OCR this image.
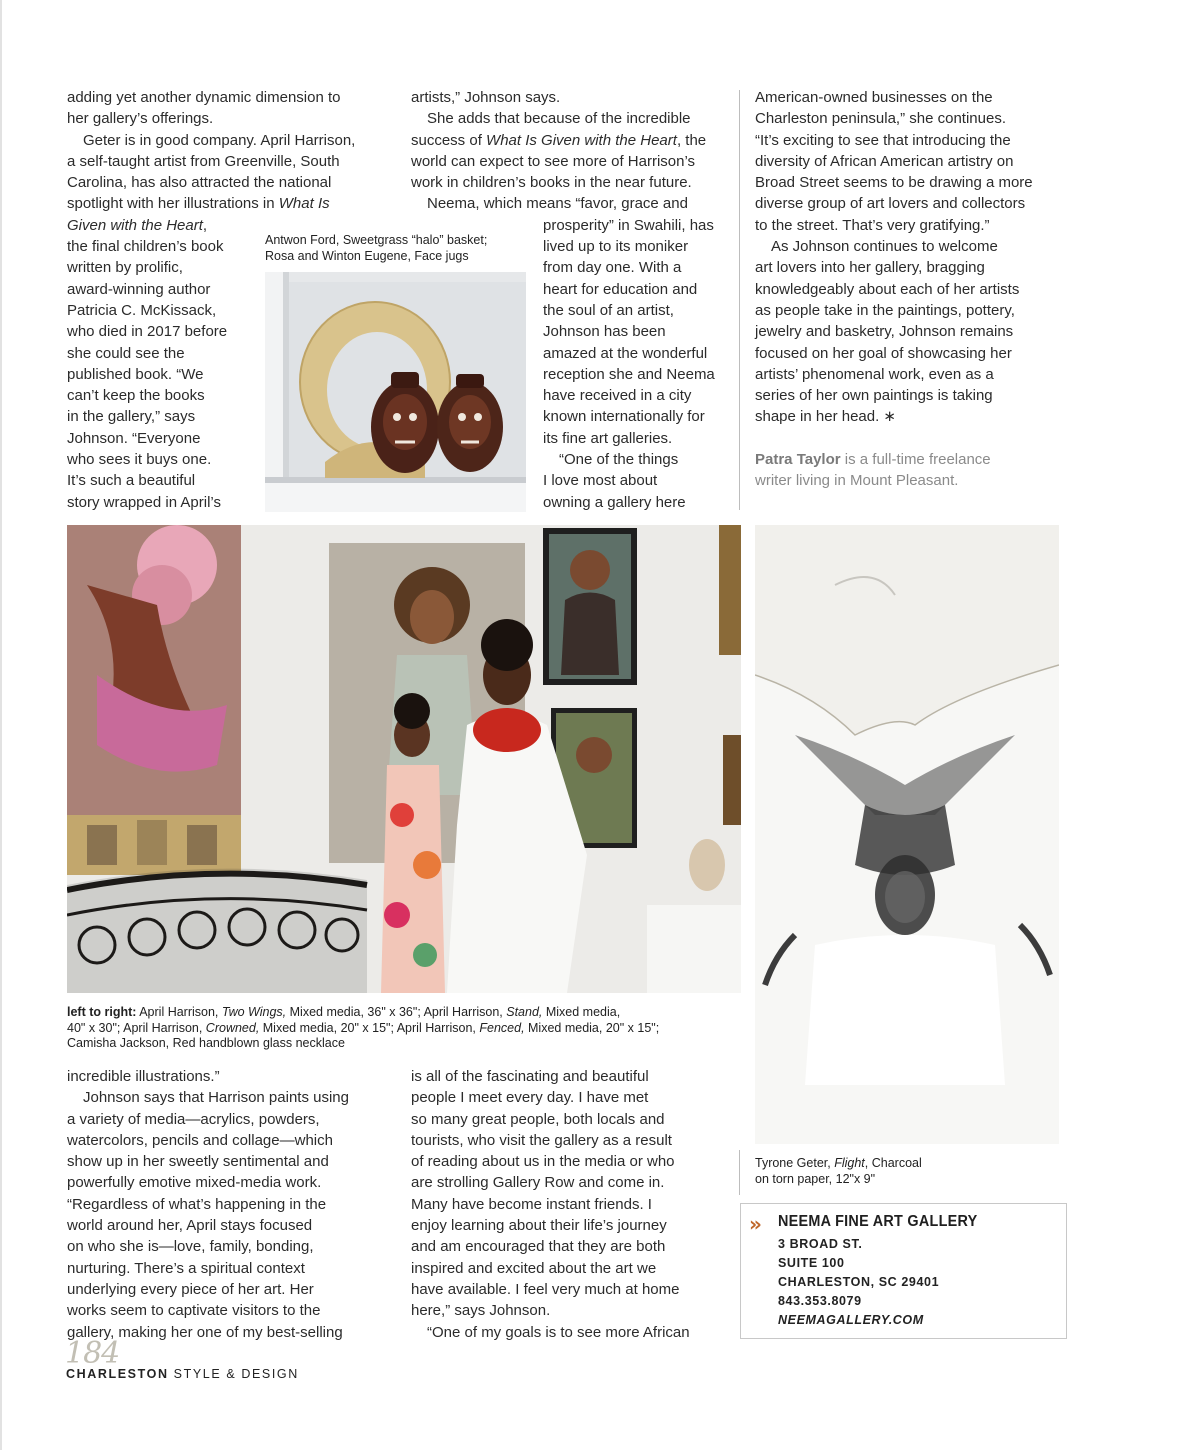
adding yet another dynamic dimension to

her gallery’s offerings.

Geter is in good company. April Harrison,

a self-taught artist from Greenville, South

Carolina, has also attracted the national

spotlight with her illustrations in What Is

Given with the Heart,

the final children’s book

written by prolific,

award-winning author

Patricia C. McKissack,

who died in 2017 before

she could see the

published book. “We

can’t keep the books

in the gallery,” says

Johnson. “Everyone

who sees it buys one.

It’s such a beautiful

story wrapped in April’s

artists,” Johnson says.

She adds that because of the incredible

success of What Is Given with the Heart, the

world can expect to see more of Harrison’s

work in children’s books in the near future.

Neema, which means “favor, grace and

prosperity” in Swahili, has

lived up to its moniker

from day one. With a

heart for education and

the soul of an artist,

Johnson has been

amazed at the wonderful

reception she and Neema

have received in a city

known internationally for

its fine art galleries.

“One of the things

I love most about

owning a gallery here

American-owned businesses on the

Charleston peninsula,” she continues.

“It’s exciting to see that introducing the

diversity of African American artistry on

Broad Street seems to be drawing a more

diverse group of art lovers and collectors

to the street. That’s very gratifying.”

As Johnson continues to welcome

art lovers into her gallery, bragging

knowledgeably about each of her artists

as people take in the paintings, pottery,

jewelry and basketry, Johnson remains

focused on her goal of showcasing her

artists’ phenomenal work, even as a

series of her own paintings is taking

shape in her head. ∗

Patra Taylor is a full-time freelance

writer living in Mount Pleasant.

Antwon Ford, Sweetgrass “halo” basket;

Rosa and Winton Eugene, Face jugs

left to right: April Harrison, Two Wings, Mixed media, 36" x 36"; April Harrison, Stand, Mixed media,

40" x 30"; April Harrison, Crowned, Mixed media, 20" x 15"; April Harrison, Fenced, Mixed media, 20" x 15";

Camisha Jackson, Red handblown glass necklace

Tyrone Geter, Flight, Charcoal

on torn paper, 12"x 9"

incredible illustrations.”

Johnson says that Harrison paints using

a variety of media—acrylics, powders,

watercolors, pencils and collage—which

show up in her sweetly sentimental and

powerfully emotive mixed-media work.

“Regardless of what’s happening in the

world around her, April stays focused

on who she is—love, family, bonding,

nurturing. There’s a spiritual context

underlying every piece of her art. Her

works seem to captivate visitors to the

gallery, making her one of my best-selling

is all of the fascinating and beautiful

people I meet every day. I have met

so many great people, both locals and

tourists, who visit the gallery as a result

of reading about us in the media or who

are strolling Gallery Row and come in.

Many have become instant friends. I

enjoy learning about their life’s journey

and am encouraged that they are both

inspired and excited about the art we

have available. I feel very much at home

here,” says Johnson.

“One of my goals is to see more African

» NEEMA FINE ART GALLERY
3 BROAD ST.
SUITE 100
CHARLESTON, SC 29401
843.353.8079
NEEMAGALLERY.COM
184
CHARLESTON STYLE & DESIGN
